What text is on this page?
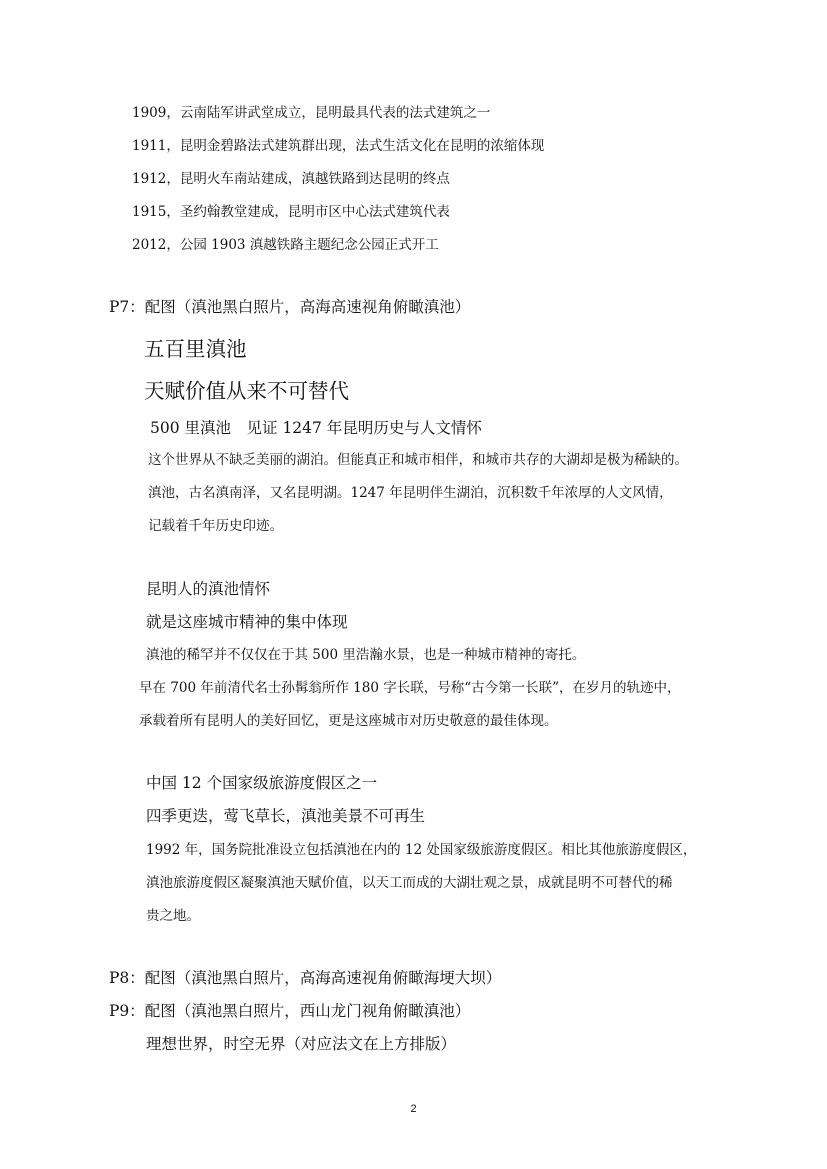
1909，云南陆军讲武堂成立，昆明最具代表的法式建筑之一
1911，昆明金碧路法式建筑群出现，法式生活文化在昆明的浓缩体现
1912，昆明火车南站建成，滇越铁路到达昆明的终点
1915，圣约翰教堂建成，昆明市区中心法式建筑代表
2012，公园 1903 滇越铁路主题纪念公园正式开工
P7：配图（滇池黑白照片，高海高速视角俯瞰滇池）
五百里滇池
天赋价值从来不可替代
500 里滇池　见证 1247 年昆明历史与人文情怀
这个世界从不缺乏美丽的湖泊。但能真正和城市相伴，和城市共存的大湖却是极为稀缺的。
滇池，古名滇南泽，又名昆明湖。1247 年昆明伴生湖泊，沉积数千年浓厚的人文风情，
记载着千年历史印迹。
昆明人的滇池情怀
就是这座城市精神的集中体现
滇池的稀罕并不仅仅在于其 500 里浩瀚水景，也是一种城市精神的寄托。
早在 700 年前清代名士孙髯翁所作 180 字长联，号称“古今第一长联”，在岁月的轨迹中，
承载着所有昆明人的美好回忆，更是这座城市对历史敬意的最佳体现。
中国 12 个国家级旅游度假区之一
四季更迭，莺飞草长，滇池美景不可再生
1992 年，国务院批准设立包括滇池在内的 12 处国家级旅游度假区。相比其他旅游度假区，
滇池旅游度假区凝聚滇池天赋价值，以天工而成的大湖壮观之景，成就昆明不可替代的稀
贵之地。
P8：配图（滇池黑白照片，高海高速视角俯瞰海埂大坝）
P9：配图（滇池黑白照片，西山龙门视角俯瞰滇池）
理想世界，时空无界（对应法文在上方排版）
2
